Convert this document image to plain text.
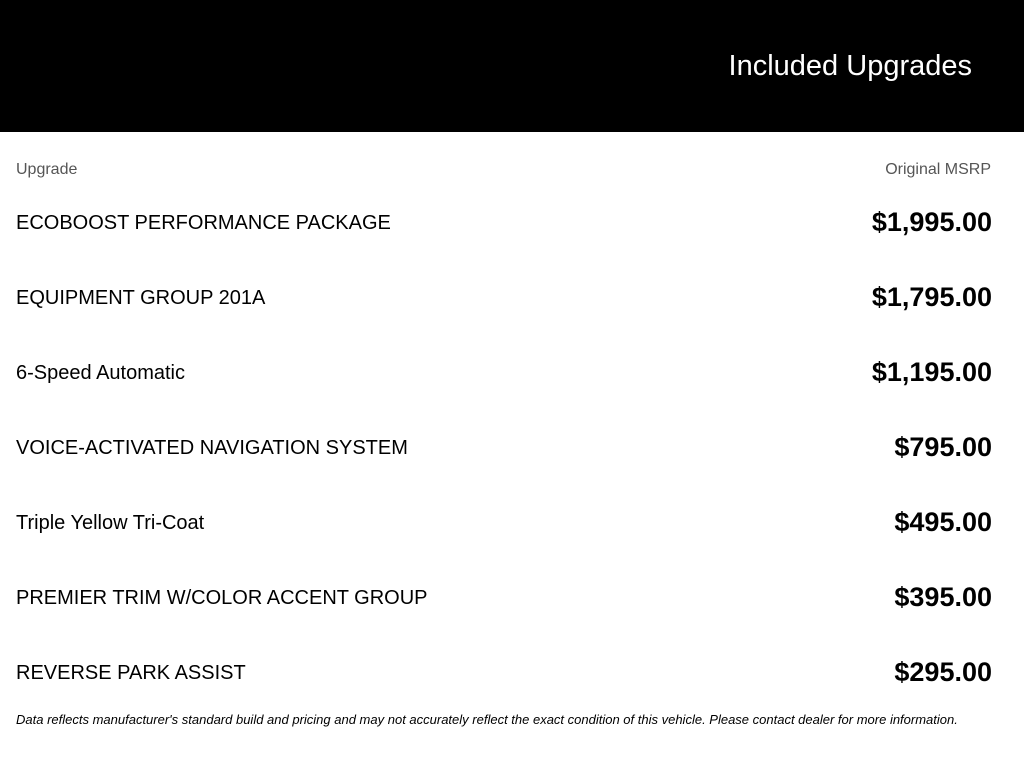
Included Upgrades
Upgrade	Original MSRP
ECOBOOST PERFORMANCE PACKAGE	$1,995.00
EQUIPMENT GROUP 201A	$1,795.00
6-Speed Automatic	$1,195.00
VOICE-ACTIVATED NAVIGATION SYSTEM	$795.00
Triple Yellow Tri-Coat	$495.00
PREMIER TRIM W/COLOR ACCENT GROUP	$395.00
REVERSE PARK ASSIST	$295.00

Data reflects manufacturer's standard build and pricing and may not accurately reflect the exact condition of this vehicle. Please contact dealer for more information.
